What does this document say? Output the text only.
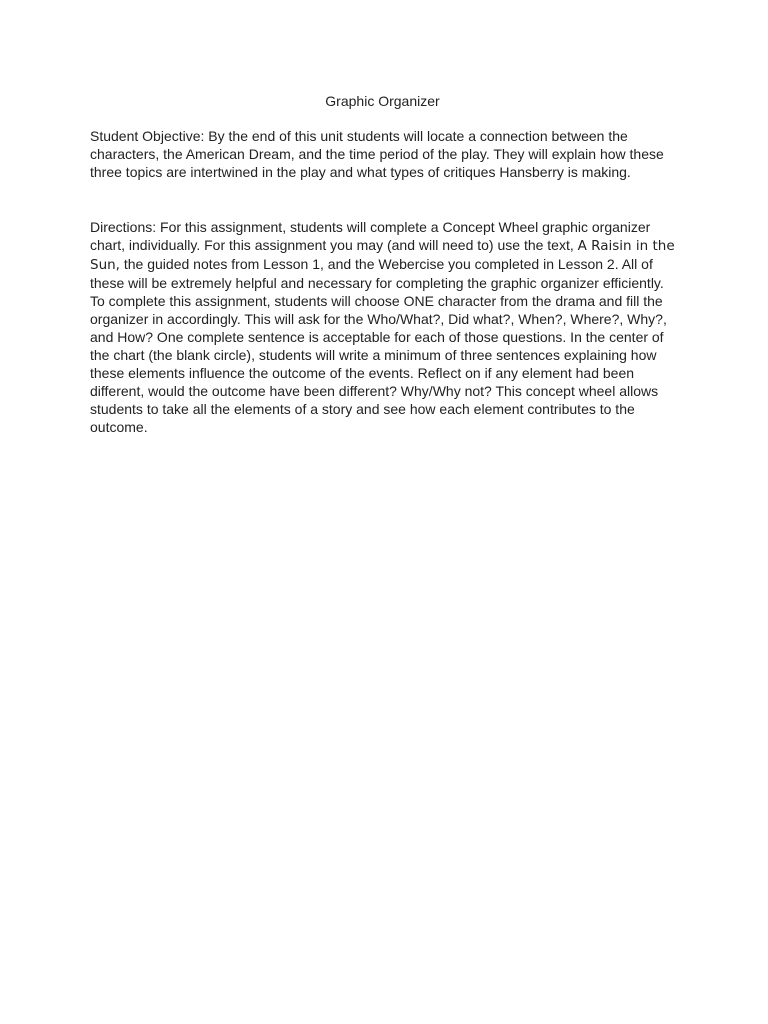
Graphic Organizer

Student Objective: By the end of this unit students will locate a connection between the characters, the American Dream, and the time period of the play. They will explain how these three topics are intertwined in the play and what types of critiques Hansberry is making.

Directions: For this assignment, students will complete a Concept Wheel graphic organizer chart, individually. For this assignment you may (and will need to) use the text, A Raisin in the Sun, the guided notes from Lesson 1, and the Webercise you completed in Lesson 2. All of these will be extremely helpful and necessary for completing the graphic organizer efficiently. To complete this assignment, students will choose ONE character from the drama and fill the organizer in accordingly. This will ask for the Who/What?, Did what?, When?, Where?, Why?, and How? One complete sentence is acceptable for each of those questions. In the center of the chart (the blank circle), students will write a minimum of three sentences explaining how these elements influence the outcome of the events. Reflect on if any element had been different, would the outcome have been different? Why/Why not? This concept wheel allows students to take all the elements of a story and see how each element contributes to the outcome.
